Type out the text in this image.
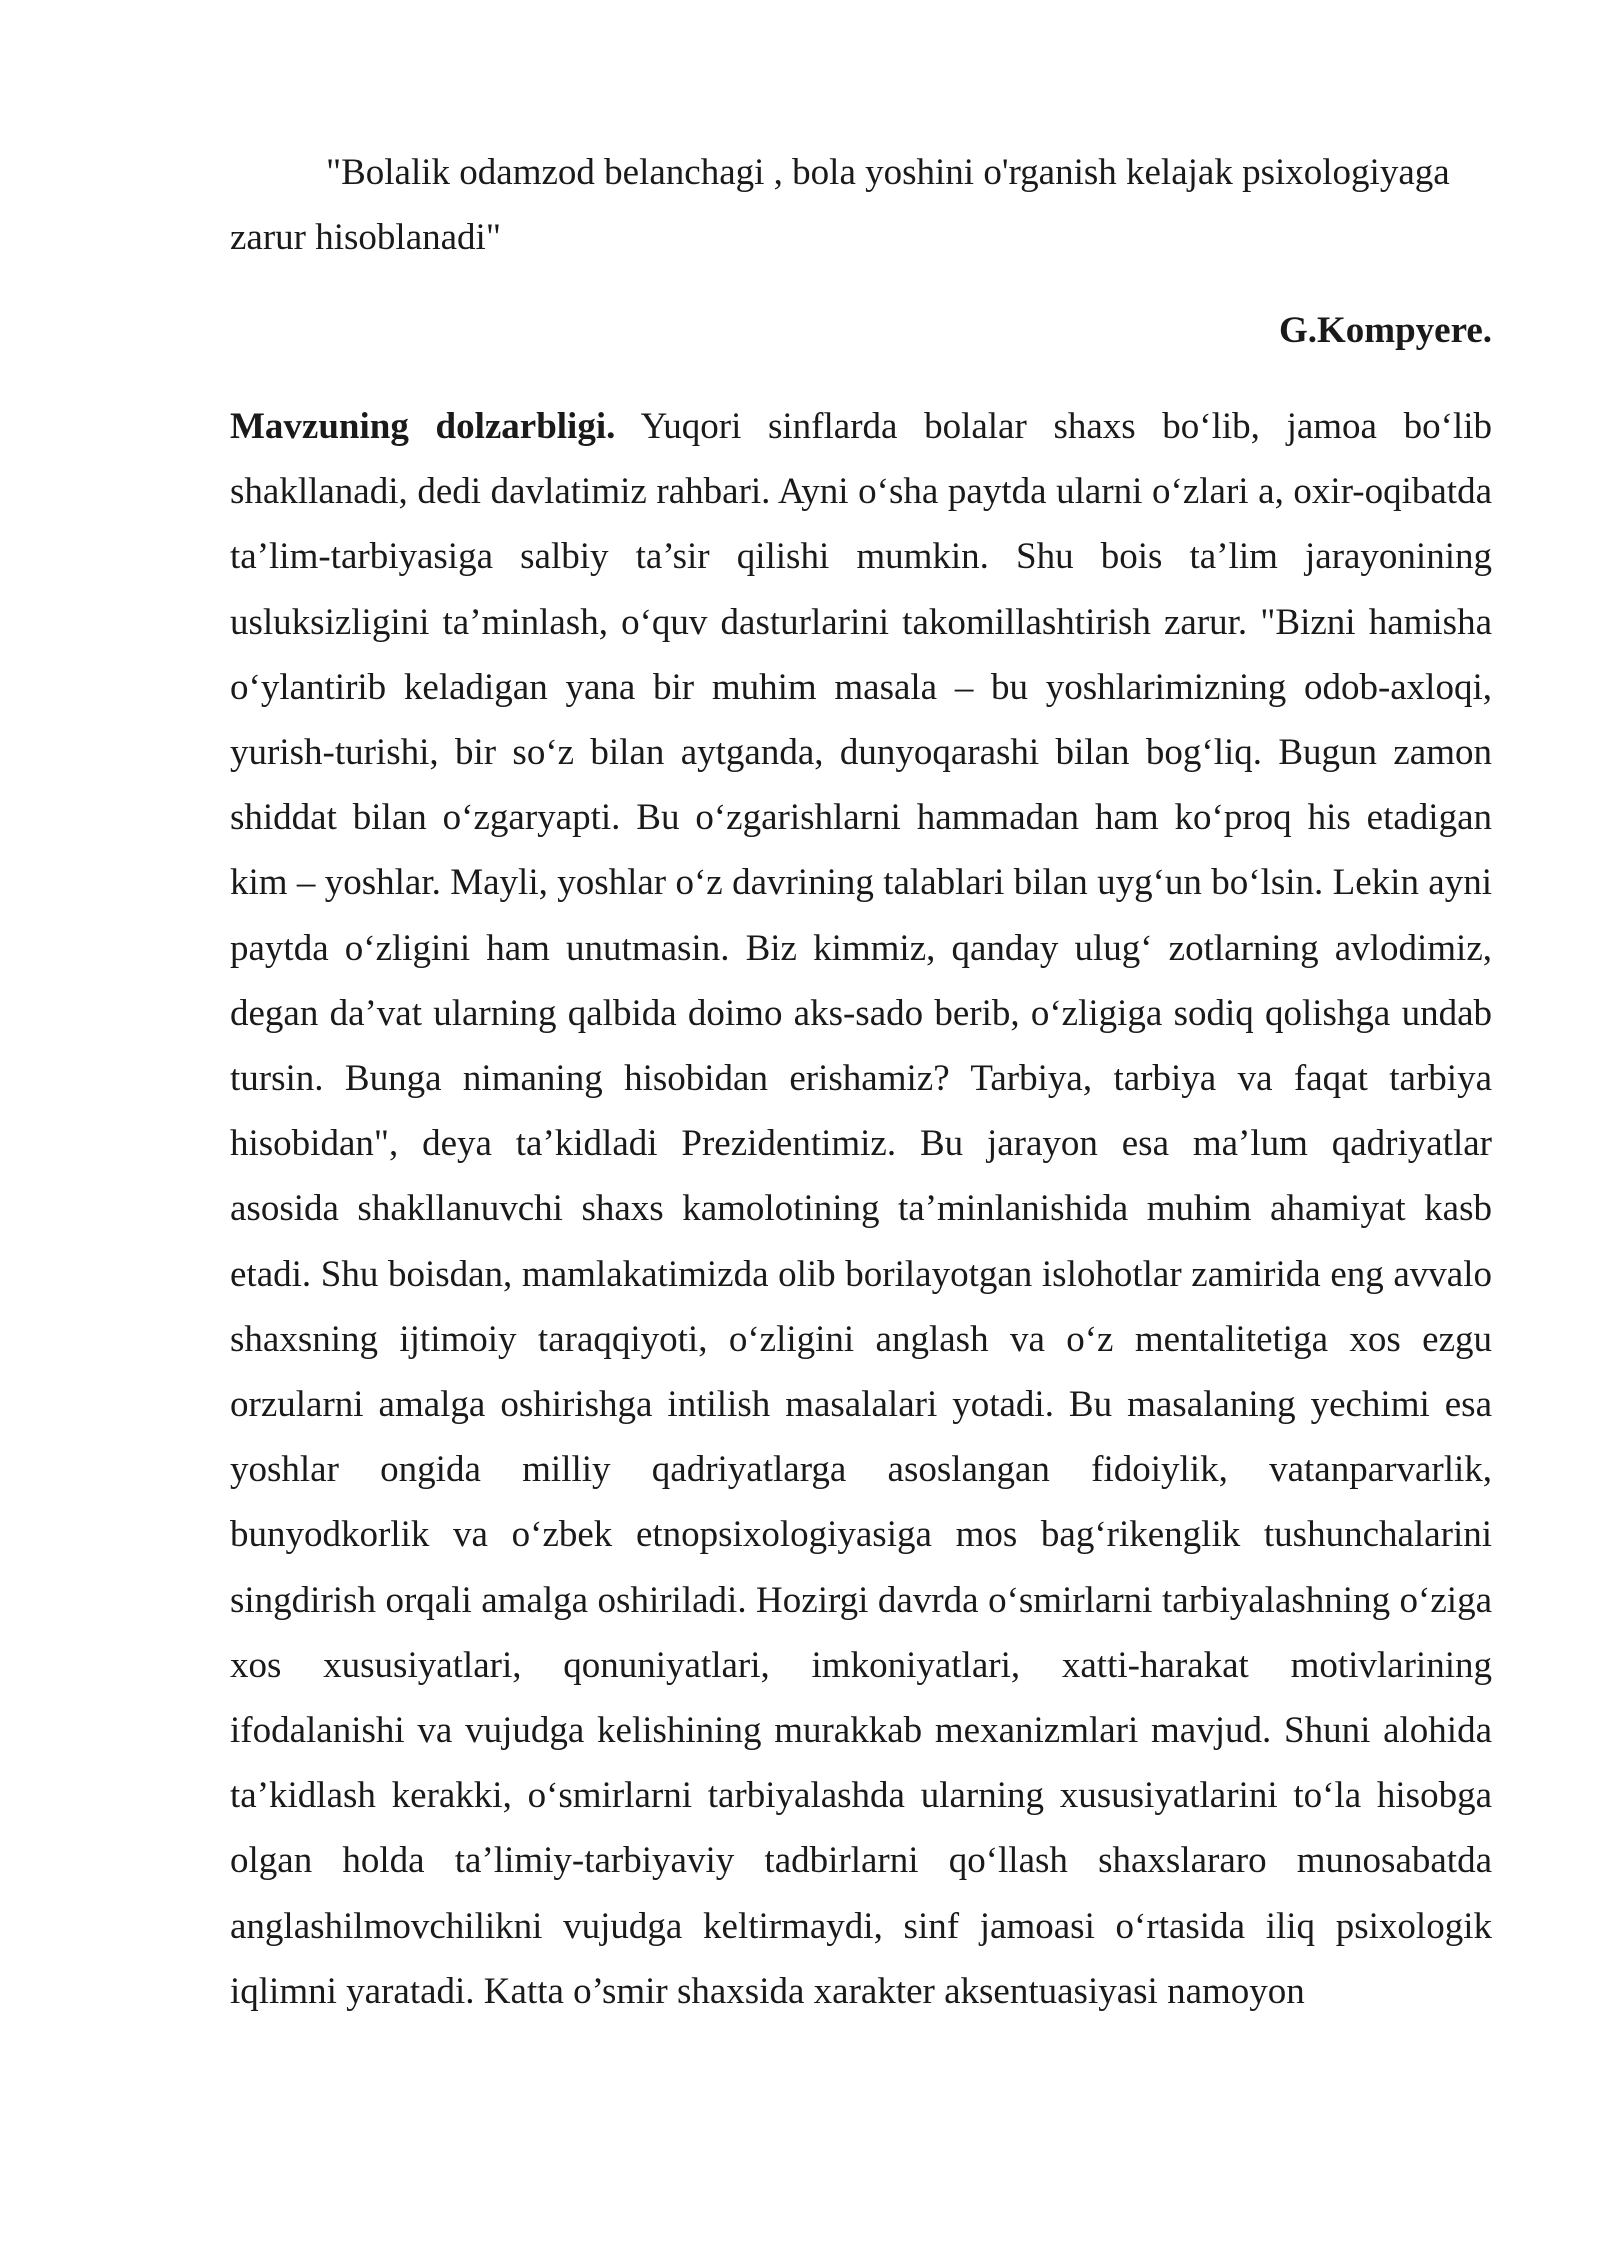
"Bolalik odamzod belanchagi , bola yoshini o'rganish kelajak psixologiyaga zarur hisoblanadi"

G.Kompyere.

Mavzuning dolzarbligi. Yuqori sinflarda bolalar shaxs bo‘lib, jamoa bo‘lib shakllanadi, dedi davlatimiz rahbari. Ayni o‘sha paytda ularni o‘zlari a, oxir-oqibatda ta’lim-tarbiyasiga salbiy ta’sir qilishi mumkin. Shu bois ta’lim jarayonining usluksizligini ta’minlash, o‘quv dasturlarini takomillashtirish zarur. "Bizni hamisha o‘ylantirib keladigan yana bir muhim masala – bu yoshlarimizning odob-axloqi, yurish-turishi, bir so‘z bilan aytganda, dunyoqarashi bilan bog‘liq. Bugun zamon shiddat bilan o‘zgaryapti. Bu o‘zgarishlarni hammadan ham ko‘proq his etadigan kim – yoshlar. Mayli, yoshlar o‘z davrining talablari bilan uyg‘un bo‘lsin. Lekin ayni paytda o‘zligini ham unutmasin. Biz kimmiz, qanday ulug‘ zotlarning avlodimiz, degan da’vat ularning qalbida doimo aks-sado berib, o‘zligiga sodiq qolishga undab tursin. Bunga nimaning hisobidan erishamiz? Tarbiya, tarbiya va faqat tarbiya hisobidan", deya ta’kidladi Prezidentimiz. Bu jarayon esa ma’lum qadriyatlar asosida shakllanuvchi shaxs kamolotining ta’minlanishida muhim ahamiyat kasb etadi. Shu boisdan, mamlakatimizda olib borilayotgan islohotlar zamirida eng avvalo shaxsning ijtimoiy taraqqiyoti, o‘zligini anglash va o‘z mentalitetiga xos ezgu orzularni amalga oshirishga intilish masalalari yotadi. Bu masalaning yechimi esa yoshlar ongida milliy qadriyatlarga asoslangan fidoiylik, vatanparvarlik, bunyodkorlik va o‘zbek etnopsixologiyasiga mos bag‘rikenglik tushunchalarini singdirish orqali amalga oshiriladi. Hozirgi davrda o‘smirlarni tarbiyalashning o‘ziga xos xususiyatlari, qonuniyatlari, imkoniyatlari, xatti-harakat motivlarining ifodalanishi va vujudga kelishining murakkab mexanizmlari mavjud. Shuni alohida ta’kidlash kerakki, o‘smirlarni tarbiyalashda ularning xususiyatlarini to‘la hisobga olgan holda ta’limiy-tarbiyaviy tadbirlarni qo‘llash shaxslararo munosabatda anglashilmovchilikni vujudga keltirmaydi, sinf jamoasi o‘rtasida iliq psixologik iqlimni yaratadi. Katta o’smir shaxsida xarakter aksentuasiyasi namoyon
